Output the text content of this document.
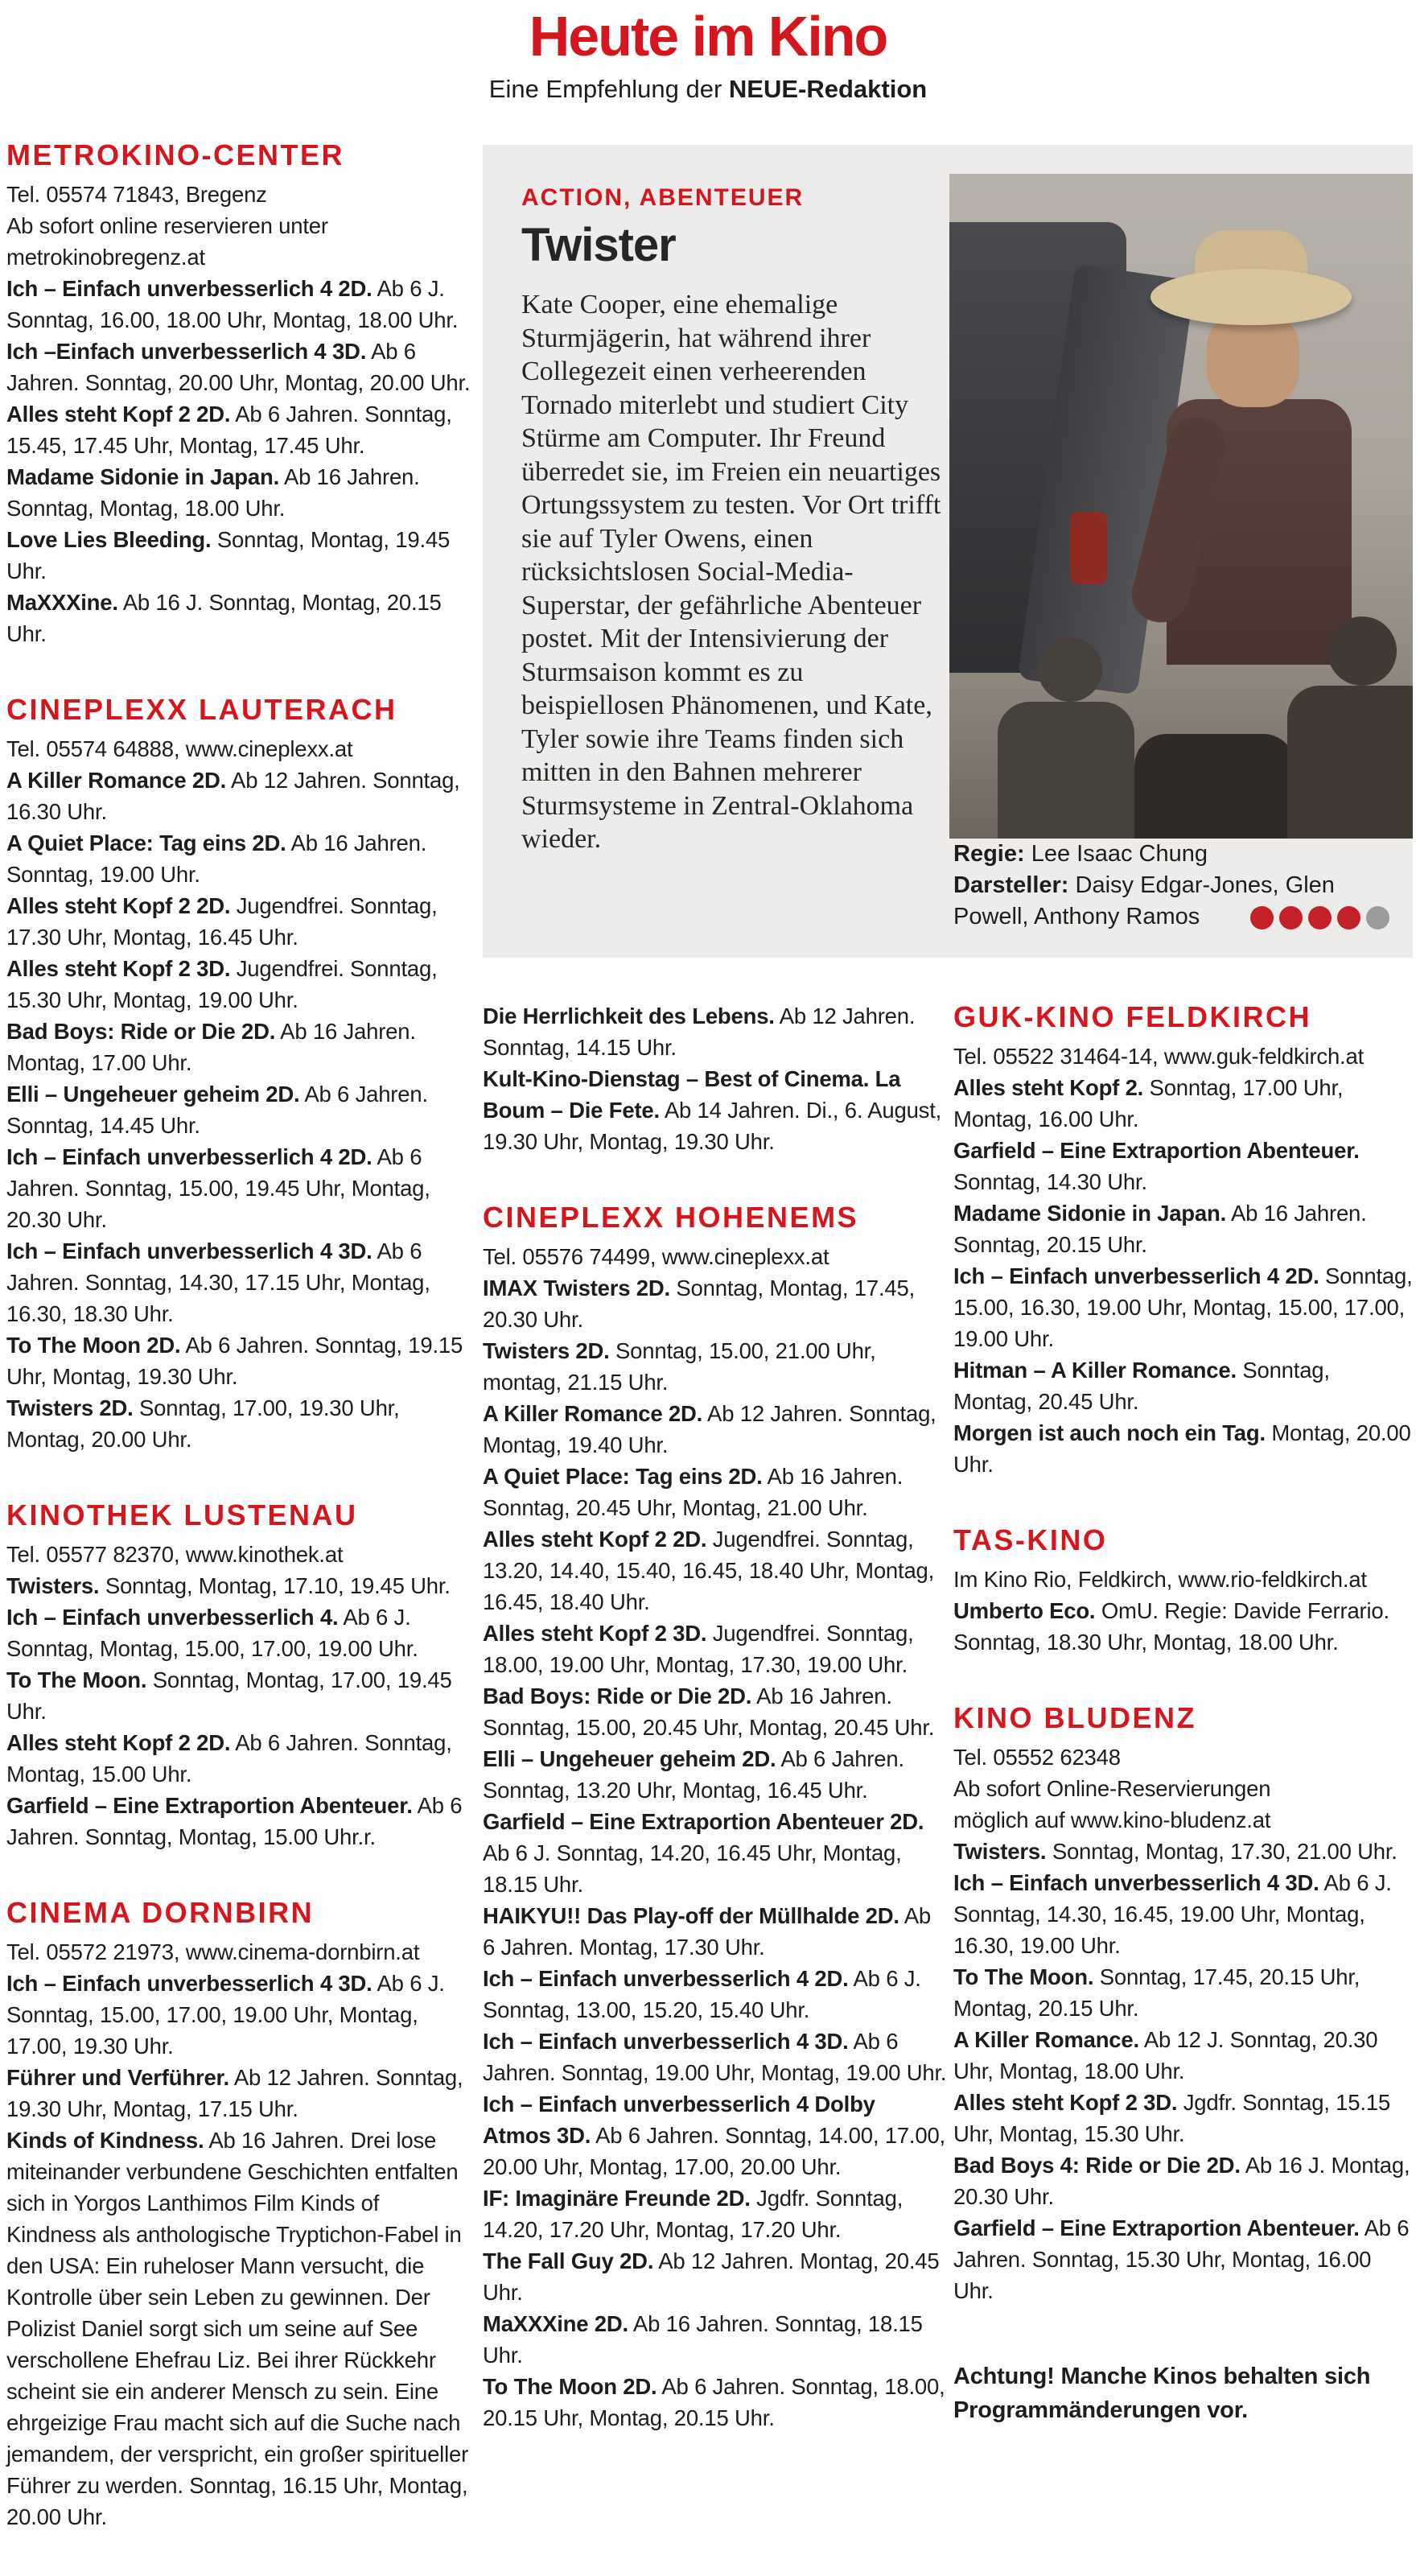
Heute im Kino
Eine Empfehlung der NEUE-Redaktion

ACTION, ABENTEUER

Twister

Kate Cooper, eine ehemalige Sturmjägerin, hat während ihrer Collegezeit einen verheerenden Tornado miterlebt und studiert City Stürme am Computer. Ihr Freund überredet sie, im Freien ein neuartiges Ortungssystem zu testen. Vor Ort trifft sie auf Tyler Owens, einen rücksichtslosen Social-Media-Superstar, der gefährliche Abenteuer postet. Mit der Intensivierung der Sturmsaison kommt es zu beispiellosen Phänomenen, und Kate, Tyler sowie ihre Teams finden sich mitten in den Bahnen mehrerer Sturmsysteme in Zentral-Oklahoma wieder.	Regie: Lee Isaac Chung

Darsteller: Daisy Edgar-Jones, Glen Powell, Anthony Ramos

METROKINO-CENTER

Tel. 05574 71843, Bregenz

Ab sofort online reservieren unter

metrokinobregenz.at

Ich – Einfach unverbesserlich 4 2D. Ab 6 J. Sonntag, 16.00, 18.00 Uhr, Montag, 18.00 Uhr.

Ich –Einfach unverbesserlich 4 3D. Ab 6 Jahren. Sonntag, 20.00 Uhr, Montag, 20.00 Uhr.

Alles steht Kopf 2 2D. Ab 6 Jahren. Sonntag, 15.45, 17.45 Uhr, Montag, 17.45 Uhr.

Madame Sidonie in Japan. Ab 16 Jahren. Sonntag, Montag, 18.00 Uhr.

Love Lies Bleeding. Sonntag, Montag, 19.45 Uhr.

MaXXXine. Ab 16 J. Sonntag, Montag, 20.15 Uhr.

CINEPLEXX LAUTERACH

Tel. 05574 64888, www.cineplexx.at

A Killer Romance 2D. Ab 12 Jahren. Sonntag, 16.30 Uhr.

A Quiet Place: Tag eins 2D. Ab 16 Jahren. Sonntag, 19.00 Uhr.

Alles steht Kopf 2 2D. Jugendfrei. Sonntag, 17.30 Uhr, Montag, 16.45 Uhr.

Alles steht Kopf 2 3D. Jugendfrei. Sonntag, 15.30 Uhr, Montag, 19.00 Uhr.

Bad Boys: Ride or Die 2D. Ab 16 Jahren. Montag, 17.00 Uhr.

Elli – Ungeheuer geheim 2D. Ab 6 Jahren. Sonntag, 14.45 Uhr.

Ich – Einfach unverbesserlich 4 2D. Ab 6 Jahren. Sonntag, 15.00, 19.45 Uhr, Montag, 20.30 Uhr.

Ich – Einfach unverbesserlich 4 3D. Ab 6 Jahren. Sonntag, 14.30, 17.15 Uhr, Montag, 16.30, 18.30 Uhr.

To The Moon 2D. Ab 6 Jahren. Sonntag, 19.15 Uhr, Montag, 19.30 Uhr.

Twisters 2D. Sonntag, 17.00, 19.30 Uhr, Montag, 20.00 Uhr.

KINOTHEK LUSTENAU

Tel. 05577 82370, www.kinothek.at

Twisters. Sonntag, Montag, 17.10, 19.45 Uhr.

Ich – Einfach unverbesserlich 4. Ab 6 J. Sonntag, Montag, 15.00, 17.00, 19.00 Uhr.

To The Moon. Sonntag, Montag, 17.00, 19.45 Uhr.

Alles steht Kopf 2 2D. Ab 6 Jahren. Sonntag, Montag, 15.00 Uhr.

Garfield – Eine Extraportion Abenteuer. Ab 6 Jahren. Sonntag, Montag, 15.00 Uhr.r.

CINEMA DORNBIRN

Tel. 05572 21973, www.cinema-dornbirn.at

Ich – Einfach unverbesserlich 4 3D. Ab 6 J. Sonntag, 15.00, 17.00, 19.00 Uhr, Montag, 17.00, 19.30 Uhr.

Führer und Verführer. Ab 12 Jahren. Sonntag, 19.30 Uhr, Montag, 17.15 Uhr.

Kinds of Kindness. Ab 16 Jahren. Drei lose miteinander verbundene Geschichten entfalten sich in Yorgos Lanthimos Film Kinds of Kindness als anthologische Tryptichon-Fabel in den USA: Ein ruheloser Mann versucht, die Kontrolle über sein Leben zu gewinnen. Der Polizist Daniel sorgt sich um seine auf See verschollene Ehefrau Liz. Bei ihrer Rückkehr scheint sie ein anderer Mensch zu sein. Eine ehrgeizige Frau macht sich auf die Suche nach jemandem, der verspricht, ein großer spiritueller Führer zu werden. Sonntag, 16.15 Uhr, Montag, 20.00 Uhr.

Die Herrlichkeit des Lebens. Ab 12 Jahren. Sonntag, 14.15 Uhr.

Kult-Kino-Dienstag – Best of Cinema. La Boum – Die Fete. Ab 14 Jahren. Di., 6. August, 19.30 Uhr, Montag, 19.30 Uhr.

CINEPLEXX HOHENEMS

Tel. 05576 74499, www.cineplexx.at

IMAX Twisters 2D. Sonntag, Montag, 17.45, 20.30 Uhr.

Twisters 2D. Sonntag, 15.00, 21.00 Uhr, montag, 21.15 Uhr.

A Killer Romance 2D. Ab 12 Jahren. Sonntag, Montag, 19.40 Uhr.

A Quiet Place: Tag eins 2D. Ab 16 Jahren. Sonntag, 20.45 Uhr, Montag, 21.00 Uhr.

Alles steht Kopf 2 2D. Jugendfrei. Sonntag, 13.20, 14.40, 15.40, 16.45, 18.40 Uhr, Montag, 16.45, 18.40 Uhr.

Alles steht Kopf 2 3D. Jugendfrei. Sonntag, 18.00, 19.00 Uhr, Montag, 17.30, 19.00 Uhr.

Bad Boys: Ride or Die 2D. Ab 16 Jahren. Sonntag, 15.00, 20.45 Uhr, Montag, 20.45 Uhr.

Elli – Ungeheuer geheim 2D. Ab 6 Jahren. Sonntag, 13.20 Uhr, Montag, 16.45 Uhr.

Garfield – Eine Extraportion Abenteuer 2D. Ab 6 J. Sonntag, 14.20, 16.45 Uhr, Montag, 18.15 Uhr.

HAIKYU!! Das Play-off der Müllhalde 2D. Ab 6 Jahren. Montag, 17.30 Uhr.

Ich – Einfach unverbesserlich 4 2D. Ab 6 J. Sonntag, 13.00, 15.20, 15.40 Uhr.

Ich – Einfach unverbesserlich 4 3D. Ab 6 Jahren. Sonntag, 19.00 Uhr, Montag, 19.00 Uhr.

Ich – Einfach unverbesserlich 4 Dolby Atmos 3D. Ab 6 Jahren. Sonntag, 14.00, 17.00, 20.00 Uhr, Montag, 17.00, 20.00 Uhr.

IF: Imaginäre Freunde 2D. Jgdfr. Sonntag, 14.20, 17.20 Uhr, Montag, 17.20 Uhr.

The Fall Guy 2D. Ab 12 Jahren. Montag, 20.45 Uhr.

MaXXXine 2D. Ab 16 Jahren. Sonntag, 18.15 Uhr.

To The Moon 2D. Ab 6 Jahren. Sonntag, 18.00, 20.15 Uhr, Montag, 20.15 Uhr.

GUK-KINO FELDKIRCH

Tel. 05522 31464-14, www.guk-feldkirch.at

Alles steht Kopf 2. Sonntag, 17.00 Uhr, Montag, 16.00 Uhr.

Garfield – Eine Extraportion Abenteuer. Sonntag, 14.30 Uhr.

Madame Sidonie in Japan. Ab 16 Jahren. Sonntag, 20.15 Uhr.

Ich – Einfach unverbesserlich 4 2D. Sonntag, 15.00, 16.30, 19.00 Uhr, Montag, 15.00, 17.00, 19.00 Uhr.

Hitman – A Killer Romance. Sonntag, Montag, 20.45 Uhr.

Morgen ist auch noch ein Tag. Montag, 20.00 Uhr.

TAS-KINO

Im Kino Rio, Feldkirch, www.rio-feldkirch.at

Umberto Eco. OmU. Regie: Davide Ferrario. Sonntag, 18.30 Uhr, Montag, 18.00 Uhr.

KINO BLUDENZ

Tel. 05552 62348

Ab sofort Online-Reservierungen

möglich auf www.kino-bludenz.at

Twisters. Sonntag, Montag, 17.30, 21.00 Uhr.

Ich – Einfach unverbesserlich 4 3D. Ab 6 J. Sonntag, 14.30, 16.45, 19.00 Uhr, Montag, 16.30, 19.00 Uhr.

To The Moon. Sonntag, 17.45, 20.15 Uhr, Montag, 20.15 Uhr.

A Killer Romance. Ab 12 J. Sonntag, 20.30 Uhr, Montag, 18.00 Uhr.

Alles steht Kopf 2 3D. Jgdfr. Sonntag, 15.15 Uhr, Montag, 15.30 Uhr.

Bad Boys 4: Ride or Die 2D. Ab 16 J. Montag, 20.30 Uhr.

Garfield – Eine Extraportion Abenteuer. Ab 6 Jahren. Sonntag, 15.30 Uhr, Montag, 16.00 Uhr.

Achtung! Manche Kinos behalten sich Programmänderungen vor.
